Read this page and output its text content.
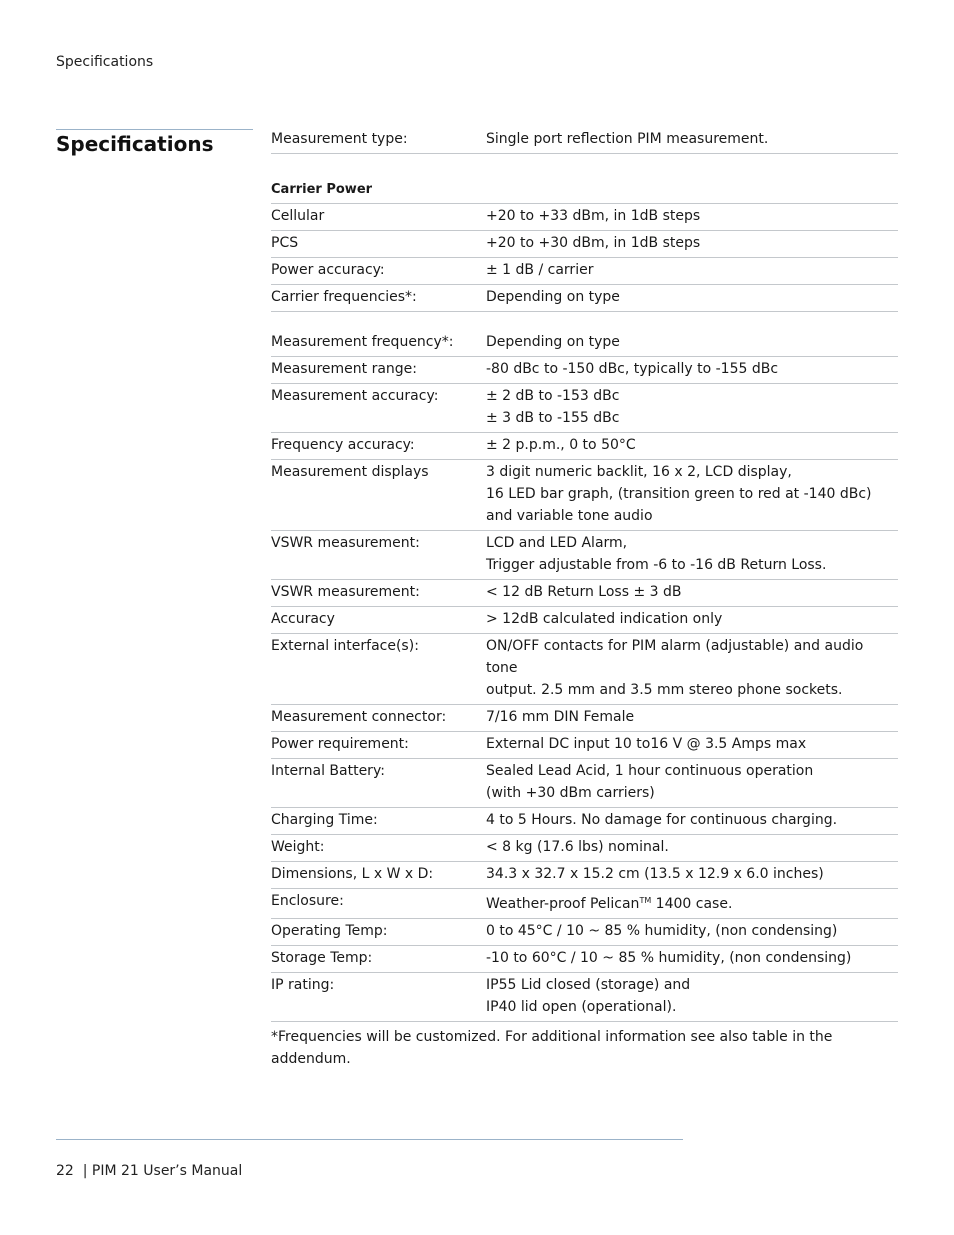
Specifications
Specifications	Measurement type:	Single port reflection PIM measurement.
Carrier Power
Cellular	+20 to +33 dBm, in 1dB steps
PCS	+20 to +30 dBm, in 1dB steps
Power accuracy:	± 1 dB / carrier
Carrier frequencies*:	Depending on type
Measurement frequency*:	Depending on type
Measurement range:	-80 dBc to -150 dBc, typically to -155 dBc
Measurement accuracy:	± 2 dB to -153 dBc
± 3 dB to -155 dBc
Frequency accuracy:	± 2 p.p.m., 0 to 50°C
Measurement displays	3 digit numeric backlit, 16 x 2, LCD display,
16 LED bar graph, (transition green to red at -140 dBc)
and variable tone audio
VSWR measurement:	LCD and LED Alarm,
Trigger adjustable from -6 to -16 dB Return Loss.
VSWR measurement:	< 12 dB Return Loss ± 3 dB
Accuracy	> 12dB calculated indication only
External interface(s):	ON/OFF contacts for PIM alarm (adjustable) and audio tone
output. 2.5 mm and 3.5 mm stereo phone sockets.
Measurement connector:	7/16 mm DIN Female
Power requirement:	External DC input 10 to16 V @ 3.5 Amps max
Internal Battery:	Sealed Lead Acid, 1 hour continuous operation
(with +30 dBm carriers)
Charging Time:	4 to 5 Hours. No damage for continuous charging.
Weight:	< 8 kg (17.6 lbs) nominal.
Dimensions, L x W x D:	34.3 x 32.7 x 15.2 cm (13.5 x 12.9 x 6.0 inches)
Enclosure:	Weather-proof Pelican™ 1400 case.
Operating Temp:	0 to 45°C / 10 ~ 85 % humidity, (non condensing)
Storage Temp:	-10 to 60°C / 10 ~ 85 % humidity, (non condensing)
IP rating:	IP55 Lid closed (storage) and
IP40 lid open (operational).
*Frequencies will be customized. For additional information see also table in the addendum.
22  | PIM 21 User’s Manual
